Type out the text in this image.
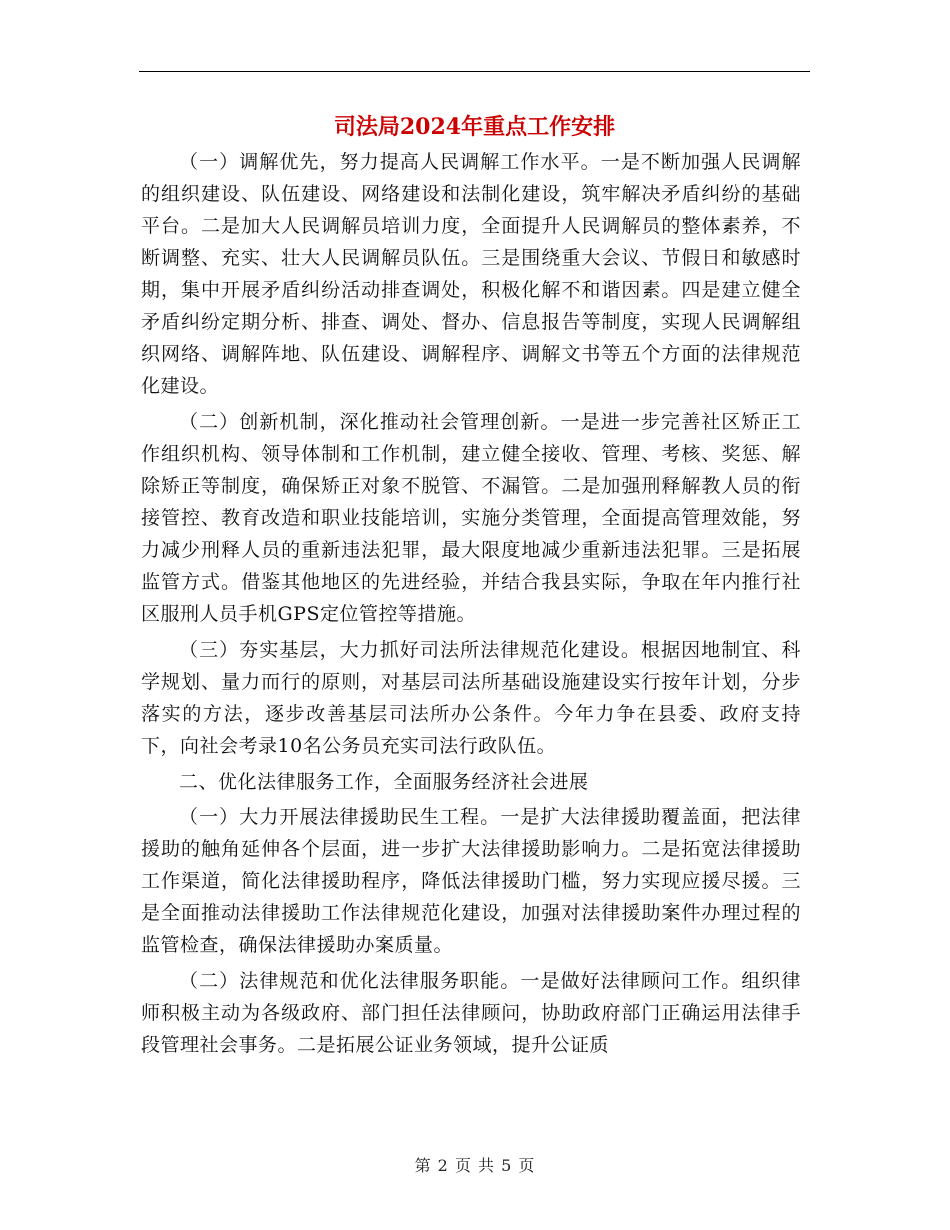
司法局2024年重点工作安排

（一）调解优先，努力提高人民调解工作水平。一是不断加强人民调解的组织建设、队伍建设、网络建设和法制化建设，筑牢解决矛盾纠纷的基础平台。二是加大人民调解员培训力度，全面提升人民调解员的整体素养，不断调整、充实、壮大人民调解员队伍。三是围绕重大会议、节假日和敏感时期，集中开展矛盾纠纷活动排查调处，积极化解不和谐因素。四是建立健全矛盾纠纷定期分析、排查、调处、督办、信息报告等制度，实现人民调解组织网络、调解阵地、队伍建设、调解程序、调解文书等五个方面的法律规范化建设。

（二）创新机制，深化推动社会管理创新。一是进一步完善社区矫正工作组织机构、领导体制和工作机制，建立健全接收、管理、考核、奖惩、解除矫正等制度，确保矫正对象不脱管、不漏管。二是加强刑释解教人员的衔接管控、教育改造和职业技能培训，实施分类管理，全面提高管理效能，努力减少刑释人员的重新违法犯罪，最大限度地减少重新违法犯罪。三是拓展监管方式。借鉴其他地区的先进经验，并结合我县实际，争取在年内推行社区服刑人员手机GPS定位管控等措施。

（三）夯实基层，大力抓好司法所法律规范化建设。根据因地制宜、科学规划、量力而行的原则，对基层司法所基础设施建设实行按年计划，分步落实的方法，逐步改善基层司法所办公条件。今年力争在县委、政府支持下，向社会考录10名公务员充实司法行政队伍。

二、优化法律服务工作，全面服务经济社会进展

（一）大力开展法律援助民生工程。一是扩大法律援助覆盖面，把法律援助的触角延伸各个层面，进一步扩大法律援助影响力。二是拓宽法律援助工作渠道，简化法律援助程序，降低法律援助门槛，努力实现应援尽援。三是全面推动法律援助工作法律规范化建设，加强对法律援助案件办理过程的监管检查，确保法律援助办案质量。

（二）法律规范和优化法律服务职能。一是做好法律顾问工作。组织律师积极主动为各级政府、部门担任法律顾问，协助政府部门正确运用法律手段管理社会事务。二是拓展公证业务领域，提升公证质

第 2 页 共 5 页
